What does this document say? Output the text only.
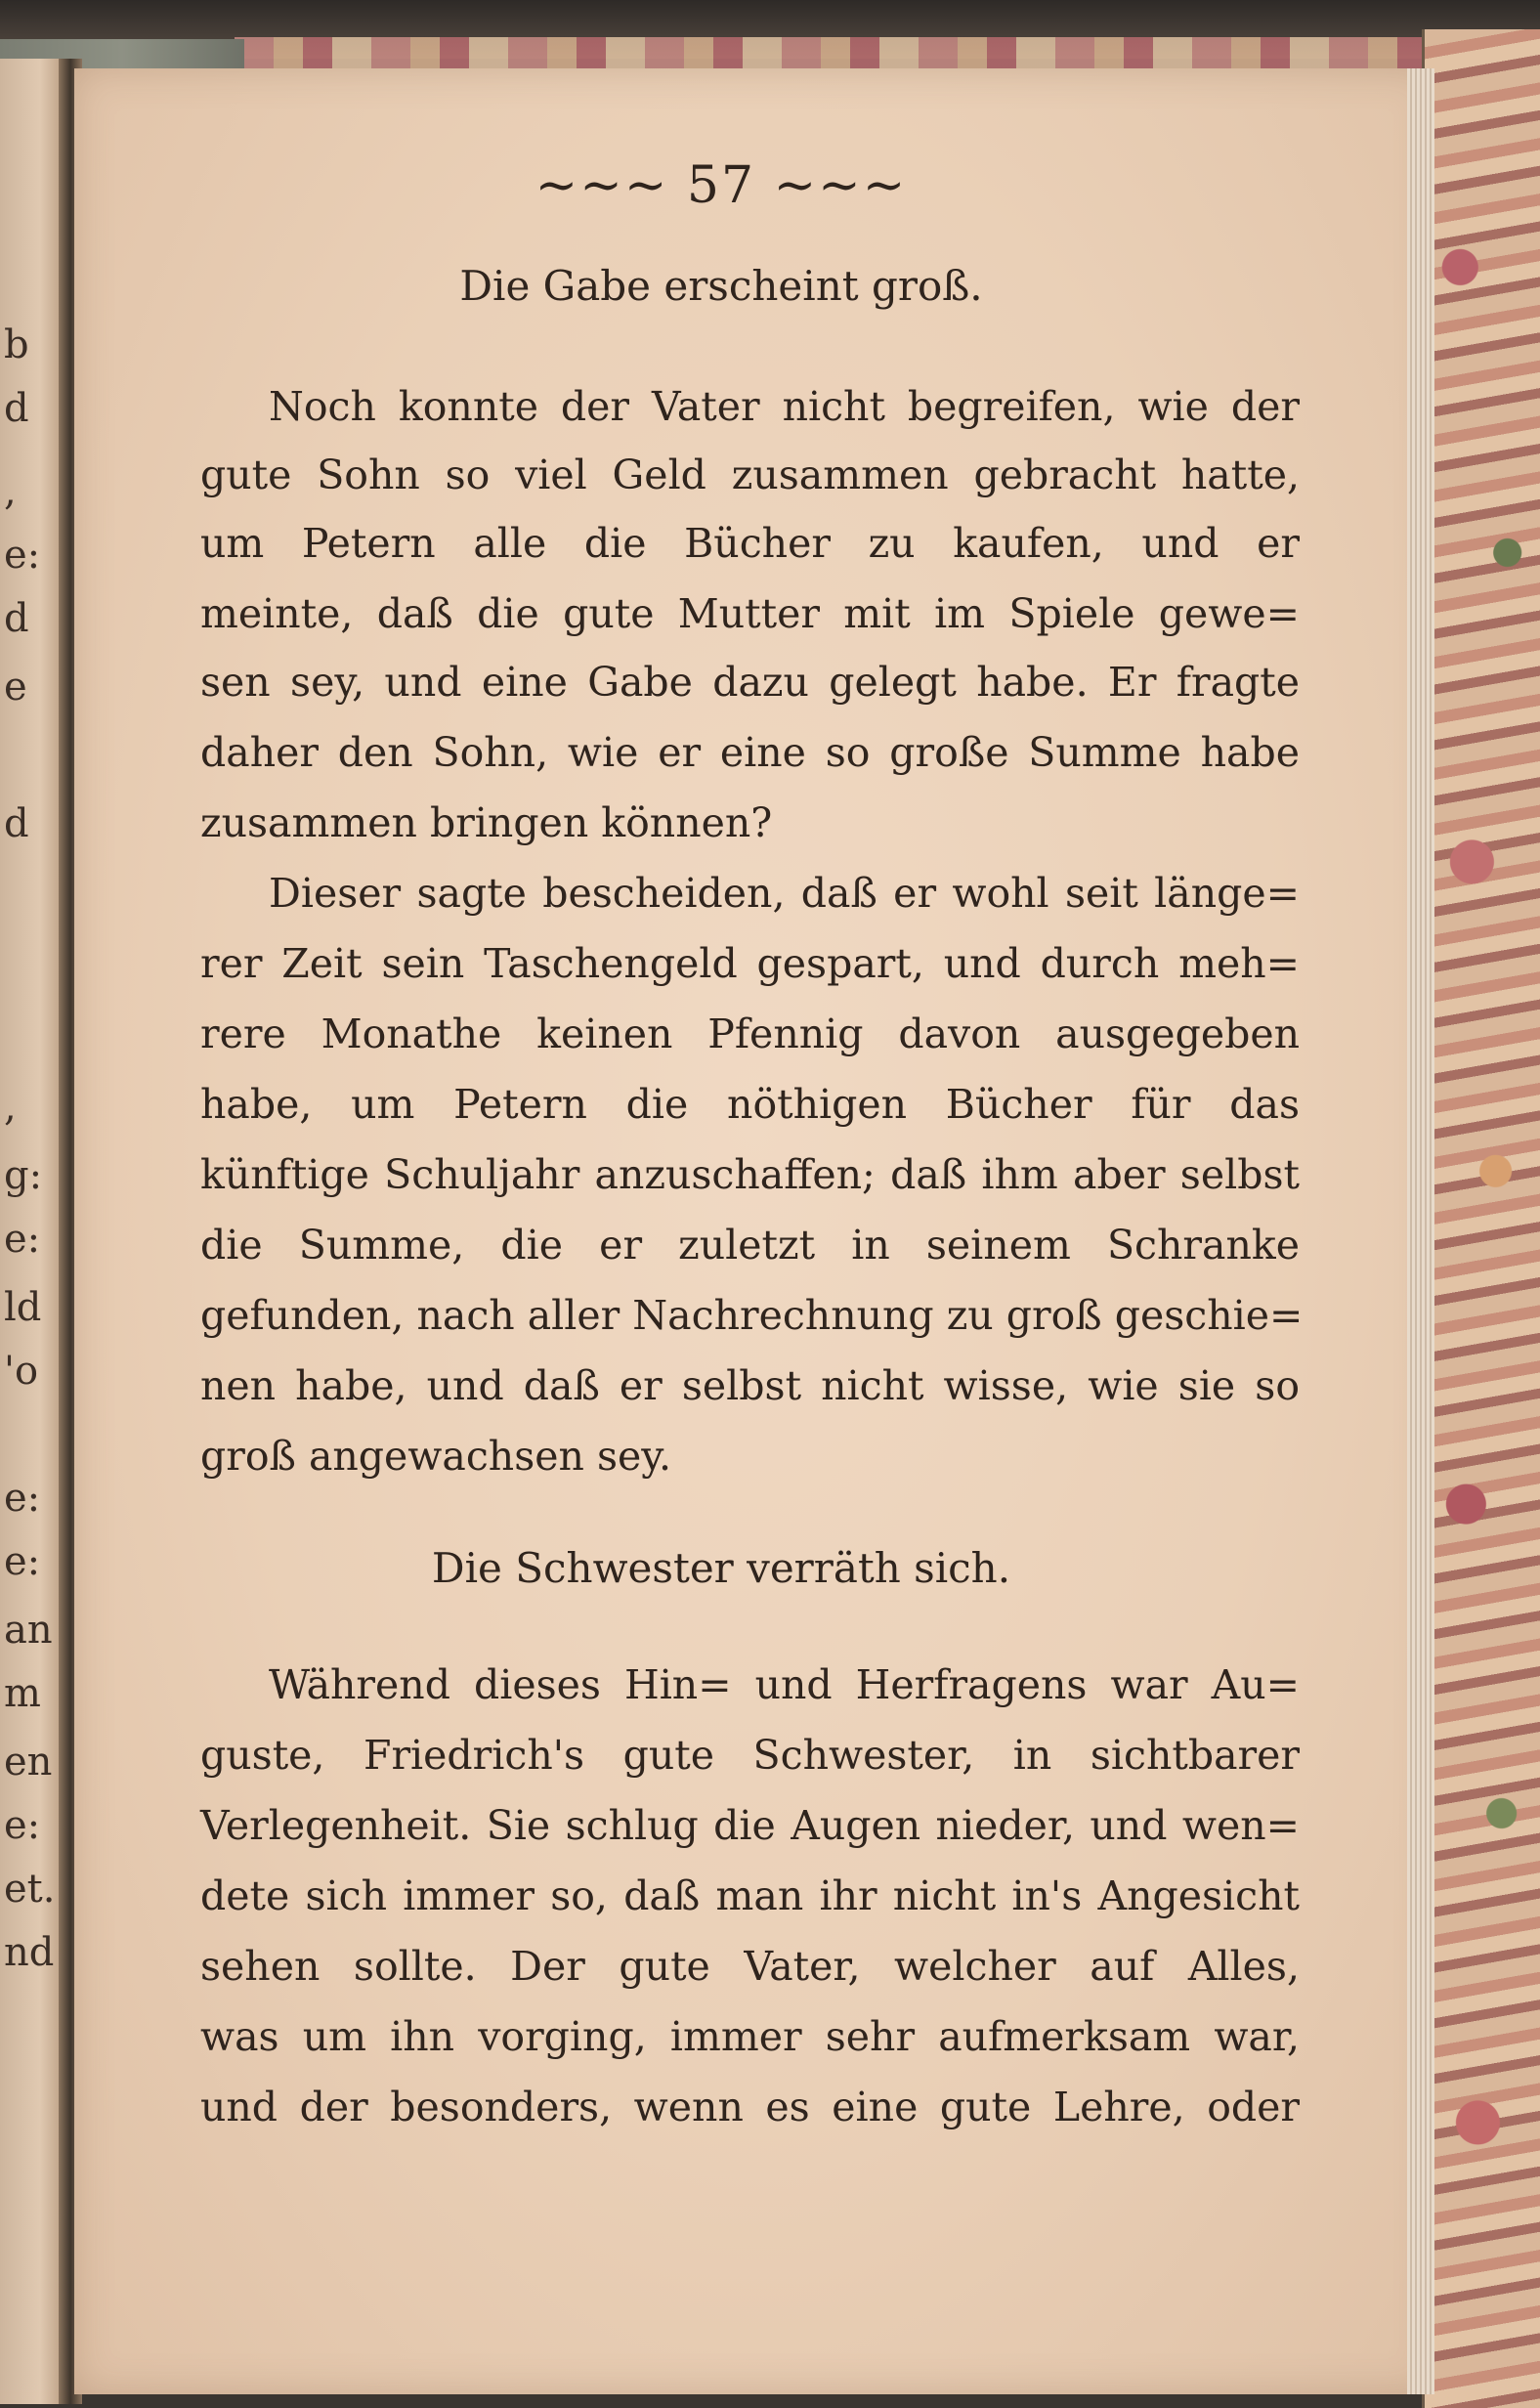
b
d
,
e:
d
e
d
,
g:
e:
ld
'o
e:
e:
an
m
en
e:
et.
nd
~~~ 57 ~~~
Die Gabe erscheint groß.
Noch konnte der Vater nicht begreifen, wie der
gute Sohn so viel Geld zusammen gebracht hatte,
um Petern alle die Bücher zu kaufen, und er
meinte, daß die gute Mutter mit im Spiele gewe=
sen sey, und eine Gabe dazu gelegt habe. Er fragte
daher den Sohn, wie er eine so große Summe habe
zusammen bringen können?
Dieser sagte bescheiden, daß er wohl seit länge=
rer Zeit sein Taschengeld gespart, und durch meh=
rere Monathe keinen Pfennig davon ausgegeben
habe, um Petern die nöthigen Bücher für das
künftige Schuljahr anzuschaffen; daß ihm aber selbst
die Summe, die er zuletzt in seinem Schranke
gefunden, nach aller Nachrechnung zu groß geschie=
nen habe, und daß er selbst nicht wisse, wie sie so
groß angewachsen sey.
Die Schwester verräth sich.
Während dieses Hin= und Herfragens war Au=
guste, Friedrich's gute Schwester, in sichtbarer
Verlegenheit. Sie schlug die Augen nieder, und wen=
dete sich immer so, daß man ihr nicht in's Angesicht
sehen sollte. Der gute Vater, welcher auf Alles,
was um ihn vorging, immer sehr aufmerksam war,
und der besonders, wenn es eine gute Lehre, oder
